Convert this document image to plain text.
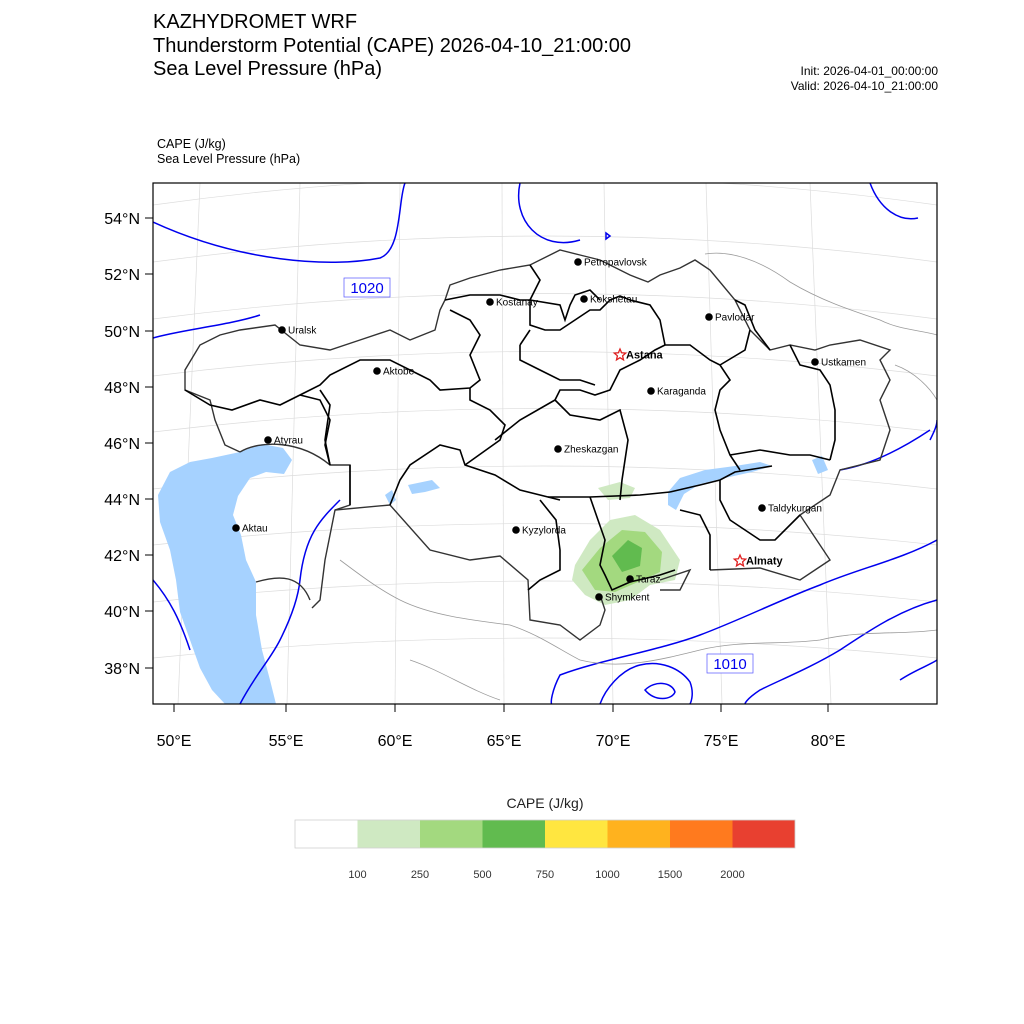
KAZHYDROMET WRF
Thunderstorm Potential (CAPE) 2026-04-10_21:00:00
Sea Level Pressure (hPa)	Init: 2026-04-01_00:00:00
Valid: 2026-04-10_21:00:00
CAPE (J/kg)
Sea Level Pressure (hPa)
54°N
52°N
50°N
48°N
46°N
44°N
42°N
40°N
38°N
50°E	55°E	60°E	65°E	70°E	75°E	80°E
1020
1010
Petropavlovsk
Kostanay	Kokshetau
Pavlodar
Uralsk
Astana
Aktobe
Ustkamen
Karaganda
Atyrau
Zheskazgan
Aktau	Kyzylorda
Taldykurgan
Almaty
Taraz
Shymkent
100	250	500	750	1000	1500	2000
CAPE (J/kg)
